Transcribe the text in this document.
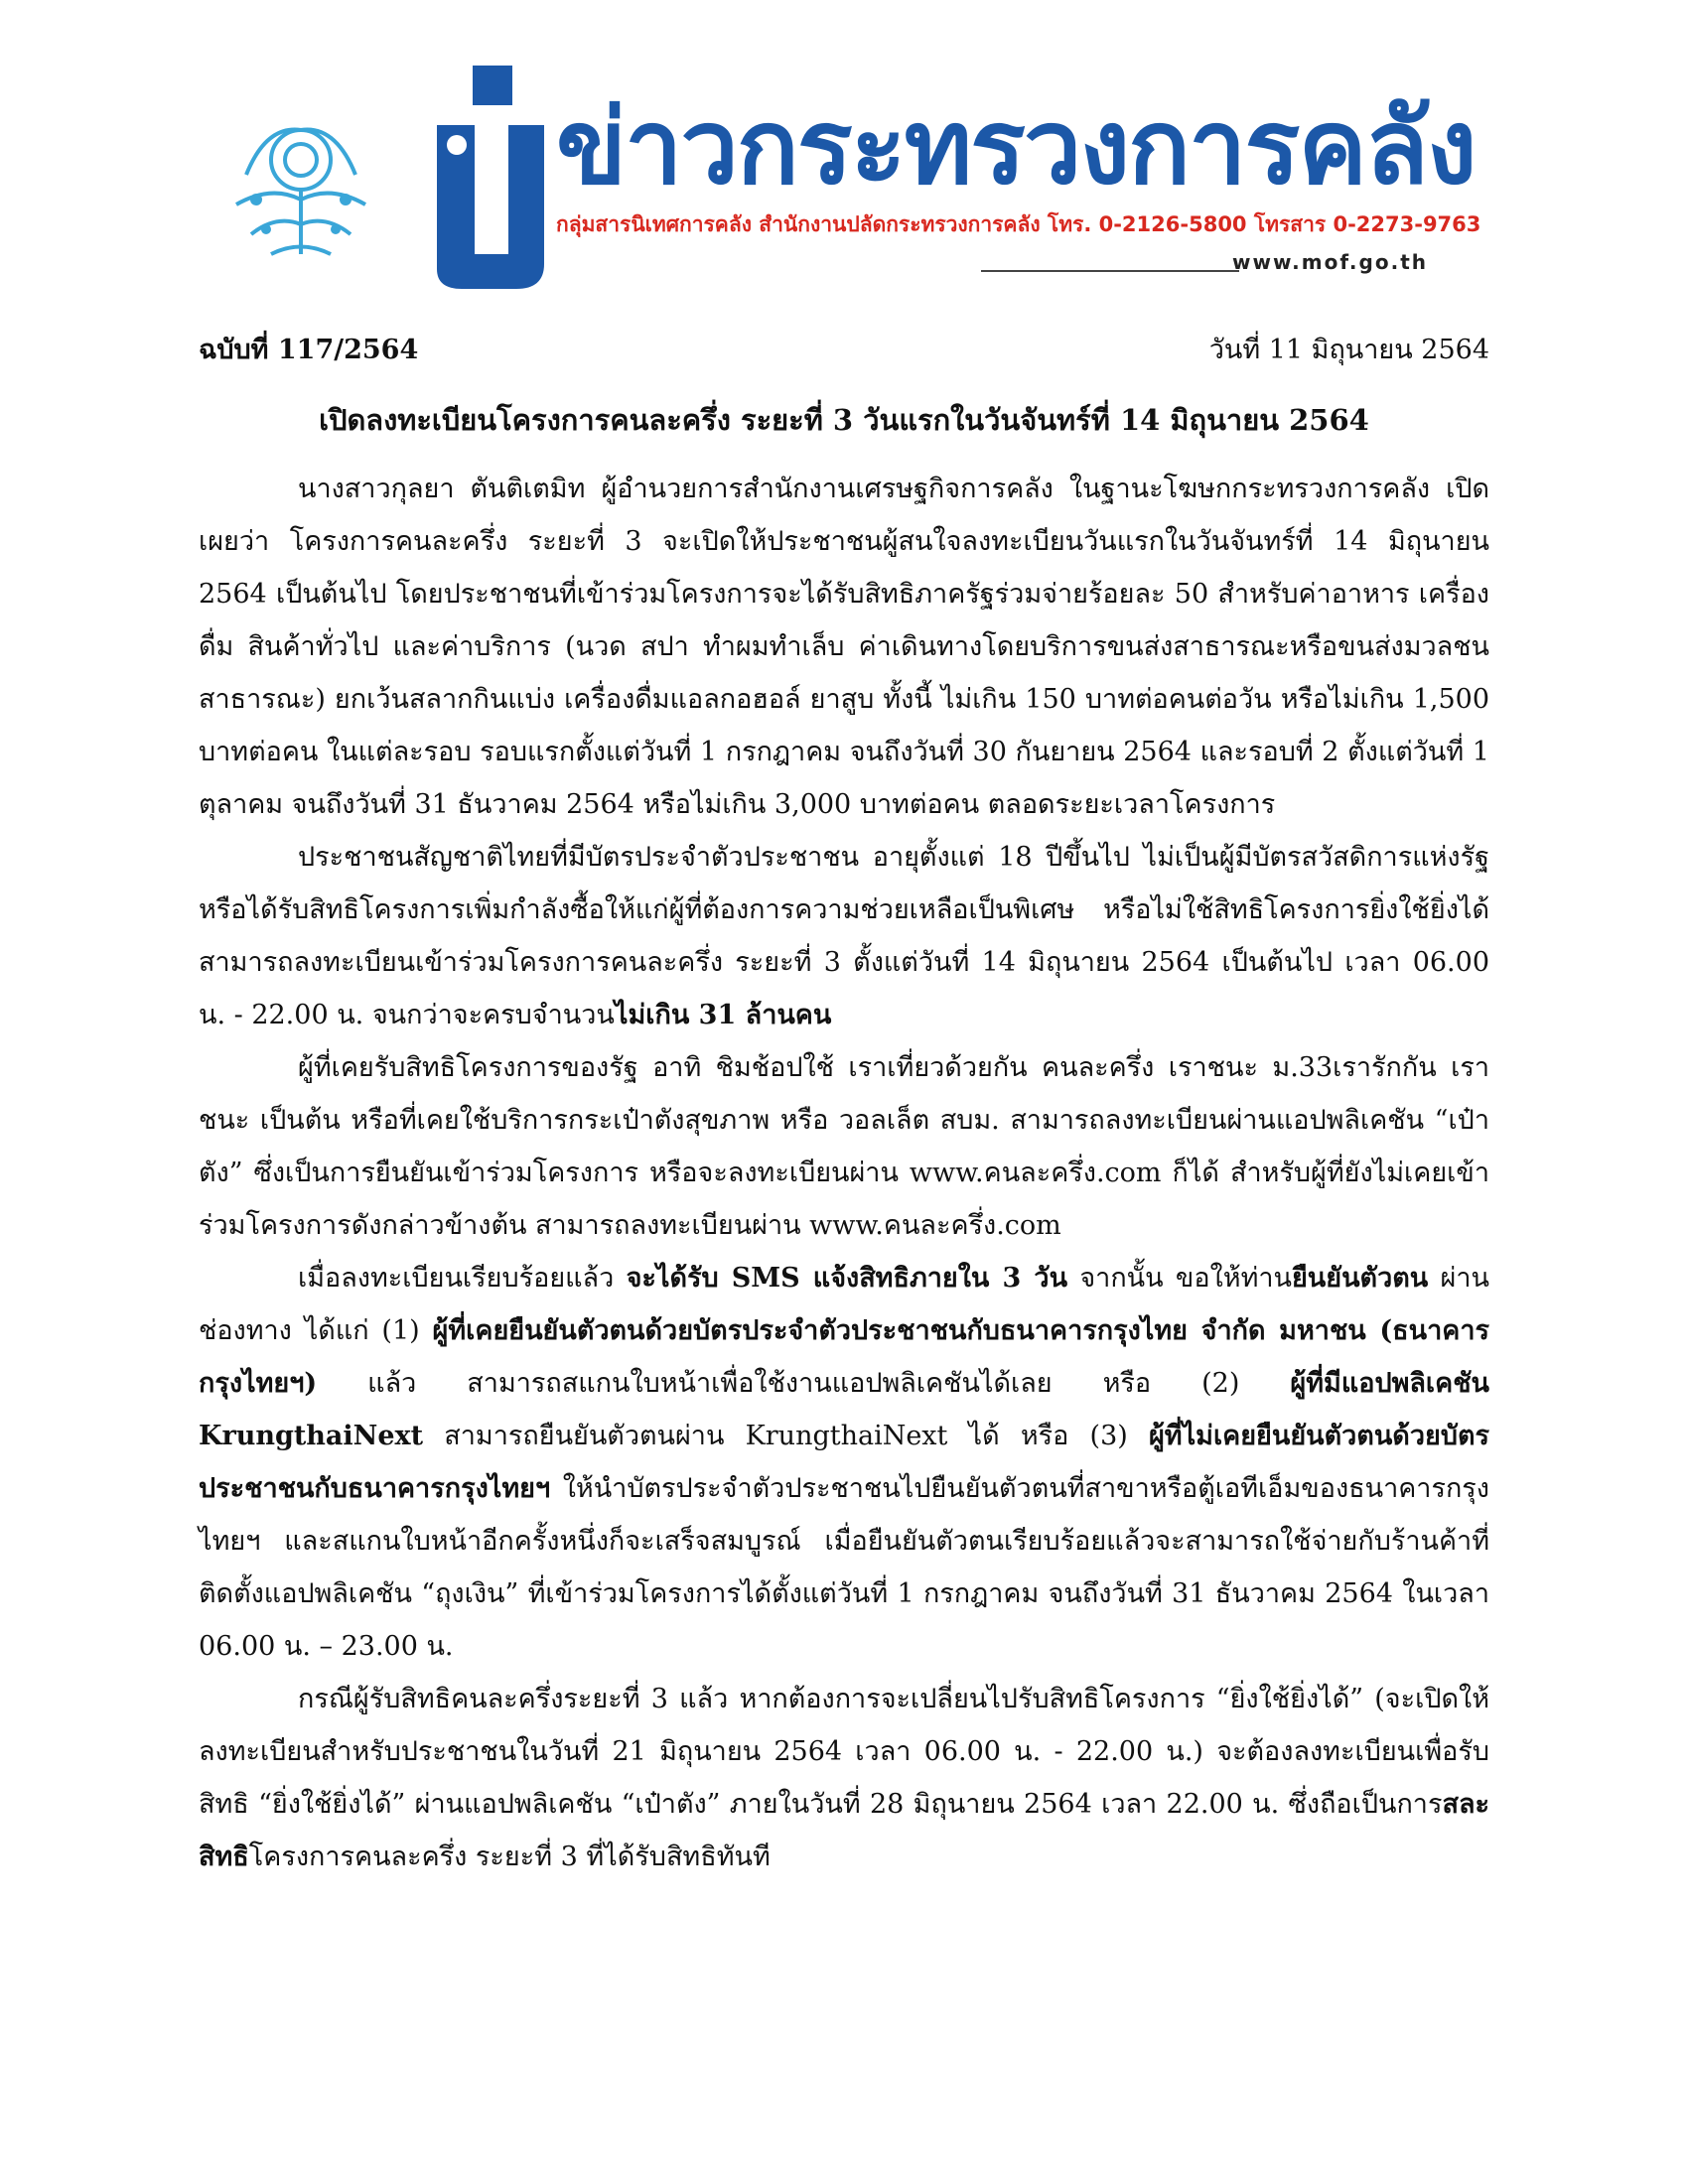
ข่าวกระทรวงการคลัง
กลุ่มสารนิเทศการคลัง สำนักงานปลัดกระทรวงการคลัง โทร. 0-2126-5800 โทรสาร 0-2273-9763
www.mof.go.th
ฉบับที่ 117/2564	วันที่ 11 มิถุนายน 2564
เปิดลงทะเบียนโครงการคนละครึ่ง ระยะที่ 3 วันแรกในวันจันทร์ที่ 14 มิถุนายน 2564

นางสาวกุลยา ตันติเตมิท ผู้อำนวยการสำนักงานเศรษฐกิจการคลัง ในฐานะโฆษกกระทรวงการคลัง เปิดเผยว่า โครงการคนละครึ่ง ระยะที่ 3 จะเปิดให้ประชาชนผู้สนใจลงทะเบียนวันแรกในวันจันทร์ที่ 14 มิถุนายน 2564 เป็นต้นไป โดยประชาชนที่เข้าร่วมโครงการจะได้รับสิทธิภาครัฐร่วมจ่ายร้อยละ 50 สำหรับค่าอาหาร เครื่องดื่ม สินค้าทั่วไป และค่าบริการ (นวด สปา ทำผมทำเล็บ ค่าเดินทางโดยบริการขนส่งสาธารณะหรือขนส่งมวลชนสาธารณะ) ยกเว้นสลากกินแบ่ง เครื่องดื่มแอลกอฮอล์ ยาสูบ ทั้งนี้ ไม่เกิน 150 บาทต่อคนต่อวัน หรือไม่เกิน 1,500 บาทต่อคน ในแต่ละรอบ รอบแรกตั้งแต่วันที่ 1 กรกฎาคม จนถึงวันที่ 30 กันยายน 2564 และรอบที่ 2 ตั้งแต่วันที่ 1 ตุลาคม จนถึงวันที่ 31 ธันวาคม 2564 หรือไม่เกิน 3,000 บาทต่อคน ตลอดระยะเวลาโครงการ

ประชาชนสัญชาติไทยที่มีบัตรประจำตัวประชาชน อายุตั้งแต่ 18 ปีขึ้นไป ไม่เป็นผู้มีบัตรสวัสดิการแห่งรัฐ หรือได้รับสิทธิโครงการเพิ่มกำลังซื้อให้แก่ผู้ที่ต้องการความช่วยเหลือเป็นพิเศษ หรือไม่ใช้สิทธิโครงการยิ่งใช้ยิ่งได้ สามารถลงทะเบียนเข้าร่วมโครงการคนละครึ่ง ระยะที่ 3 ตั้งแต่วันที่ 14 มิถุนายน 2564 เป็นต้นไป เวลา 06.00 น. - 22.00 น. จนกว่าจะครบจำนวนไม่เกิน 31 ล้านคน

ผู้ที่เคยรับสิทธิโครงการของรัฐ อาทิ ชิมช้อปใช้ เราเที่ยวด้วยกัน คนละครึ่ง เราชนะ ม.33เรารักกัน เราชนะ เป็นต้น หรือที่เคยใช้บริการกระเป๋าตังสุขภาพ หรือ วอลเล็ต สบม. สามารถลงทะเบียนผ่านแอปพลิเคชัน “เป๋าตัง” ซึ่งเป็นการยืนยันเข้าร่วมโครงการ หรือจะลงทะเบียนผ่าน www.คนละครึ่ง.com ก็ได้ สำหรับผู้ที่ยังไม่เคยเข้าร่วมโครงการดังกล่าวข้างต้น สามารถลงทะเบียนผ่าน www.คนละครึ่ง.com

เมื่อลงทะเบียนเรียบร้อยแล้ว จะได้รับ SMS แจ้งสิทธิภายใน 3 วัน จากนั้น ขอให้ท่านยืนยันตัวตน ผ่านช่องทาง ได้แก่ (1) ผู้ที่เคยยืนยันตัวตนด้วยบัตรประจำตัวประชาชนกับธนาคารกรุงไทย จำกัด มหาชน (ธนาคารกรุงไทยฯ) แล้ว สามารถสแกนใบหน้าเพื่อใช้งานแอปพลิเคชันได้เลย หรือ (2) ผู้ที่มีแอปพลิเคชัน KrungthaiNext สามารถยืนยันตัวตนผ่าน KrungthaiNext ได้ หรือ (3) ผู้ที่ไม่เคยยืนยันตัวตนด้วยบัตรประชาชนกับธนาคารกรุงไทยฯ ให้นำบัตรประจำตัวประชาชนไปยืนยันตัวตนที่สาขาหรือตู้เอทีเอ็มของธนาคารกรุงไทยฯ และสแกนใบหน้าอีกครั้งหนึ่งก็จะเสร็จสมบูรณ์ เมื่อยืนยันตัวตนเรียบร้อยแล้วจะสามารถใช้จ่ายกับร้านค้าที่ติดตั้งแอปพลิเคชัน “ถุงเงิน” ที่เข้าร่วมโครงการได้ตั้งแต่วันที่ 1 กรกฎาคม จนถึงวันที่ 31 ธันวาคม 2564 ในเวลา 06.00 น. – 23.00 น.

กรณีผู้รับสิทธิคนละครึ่งระยะที่ 3 แล้ว หากต้องการจะเปลี่ยนไปรับสิทธิโครงการ “ยิ่งใช้ยิ่งได้” (จะเปิดให้ลงทะเบียนสำหรับประชาชนในวันที่ 21 มิถุนายน 2564 เวลา 06.00 น. - 22.00 น.) จะต้องลงทะเบียนเพื่อรับสิทธิ “ยิ่งใช้ยิ่งได้” ผ่านแอปพลิเคชัน “เป๋าตัง” ภายในวันที่ 28 มิถุนายน 2564 เวลา 22.00 น. ซึ่งถือเป็นการสละสิทธิโครงการคนละครึ่ง ระยะที่ 3 ที่ได้รับสิทธิทันที
